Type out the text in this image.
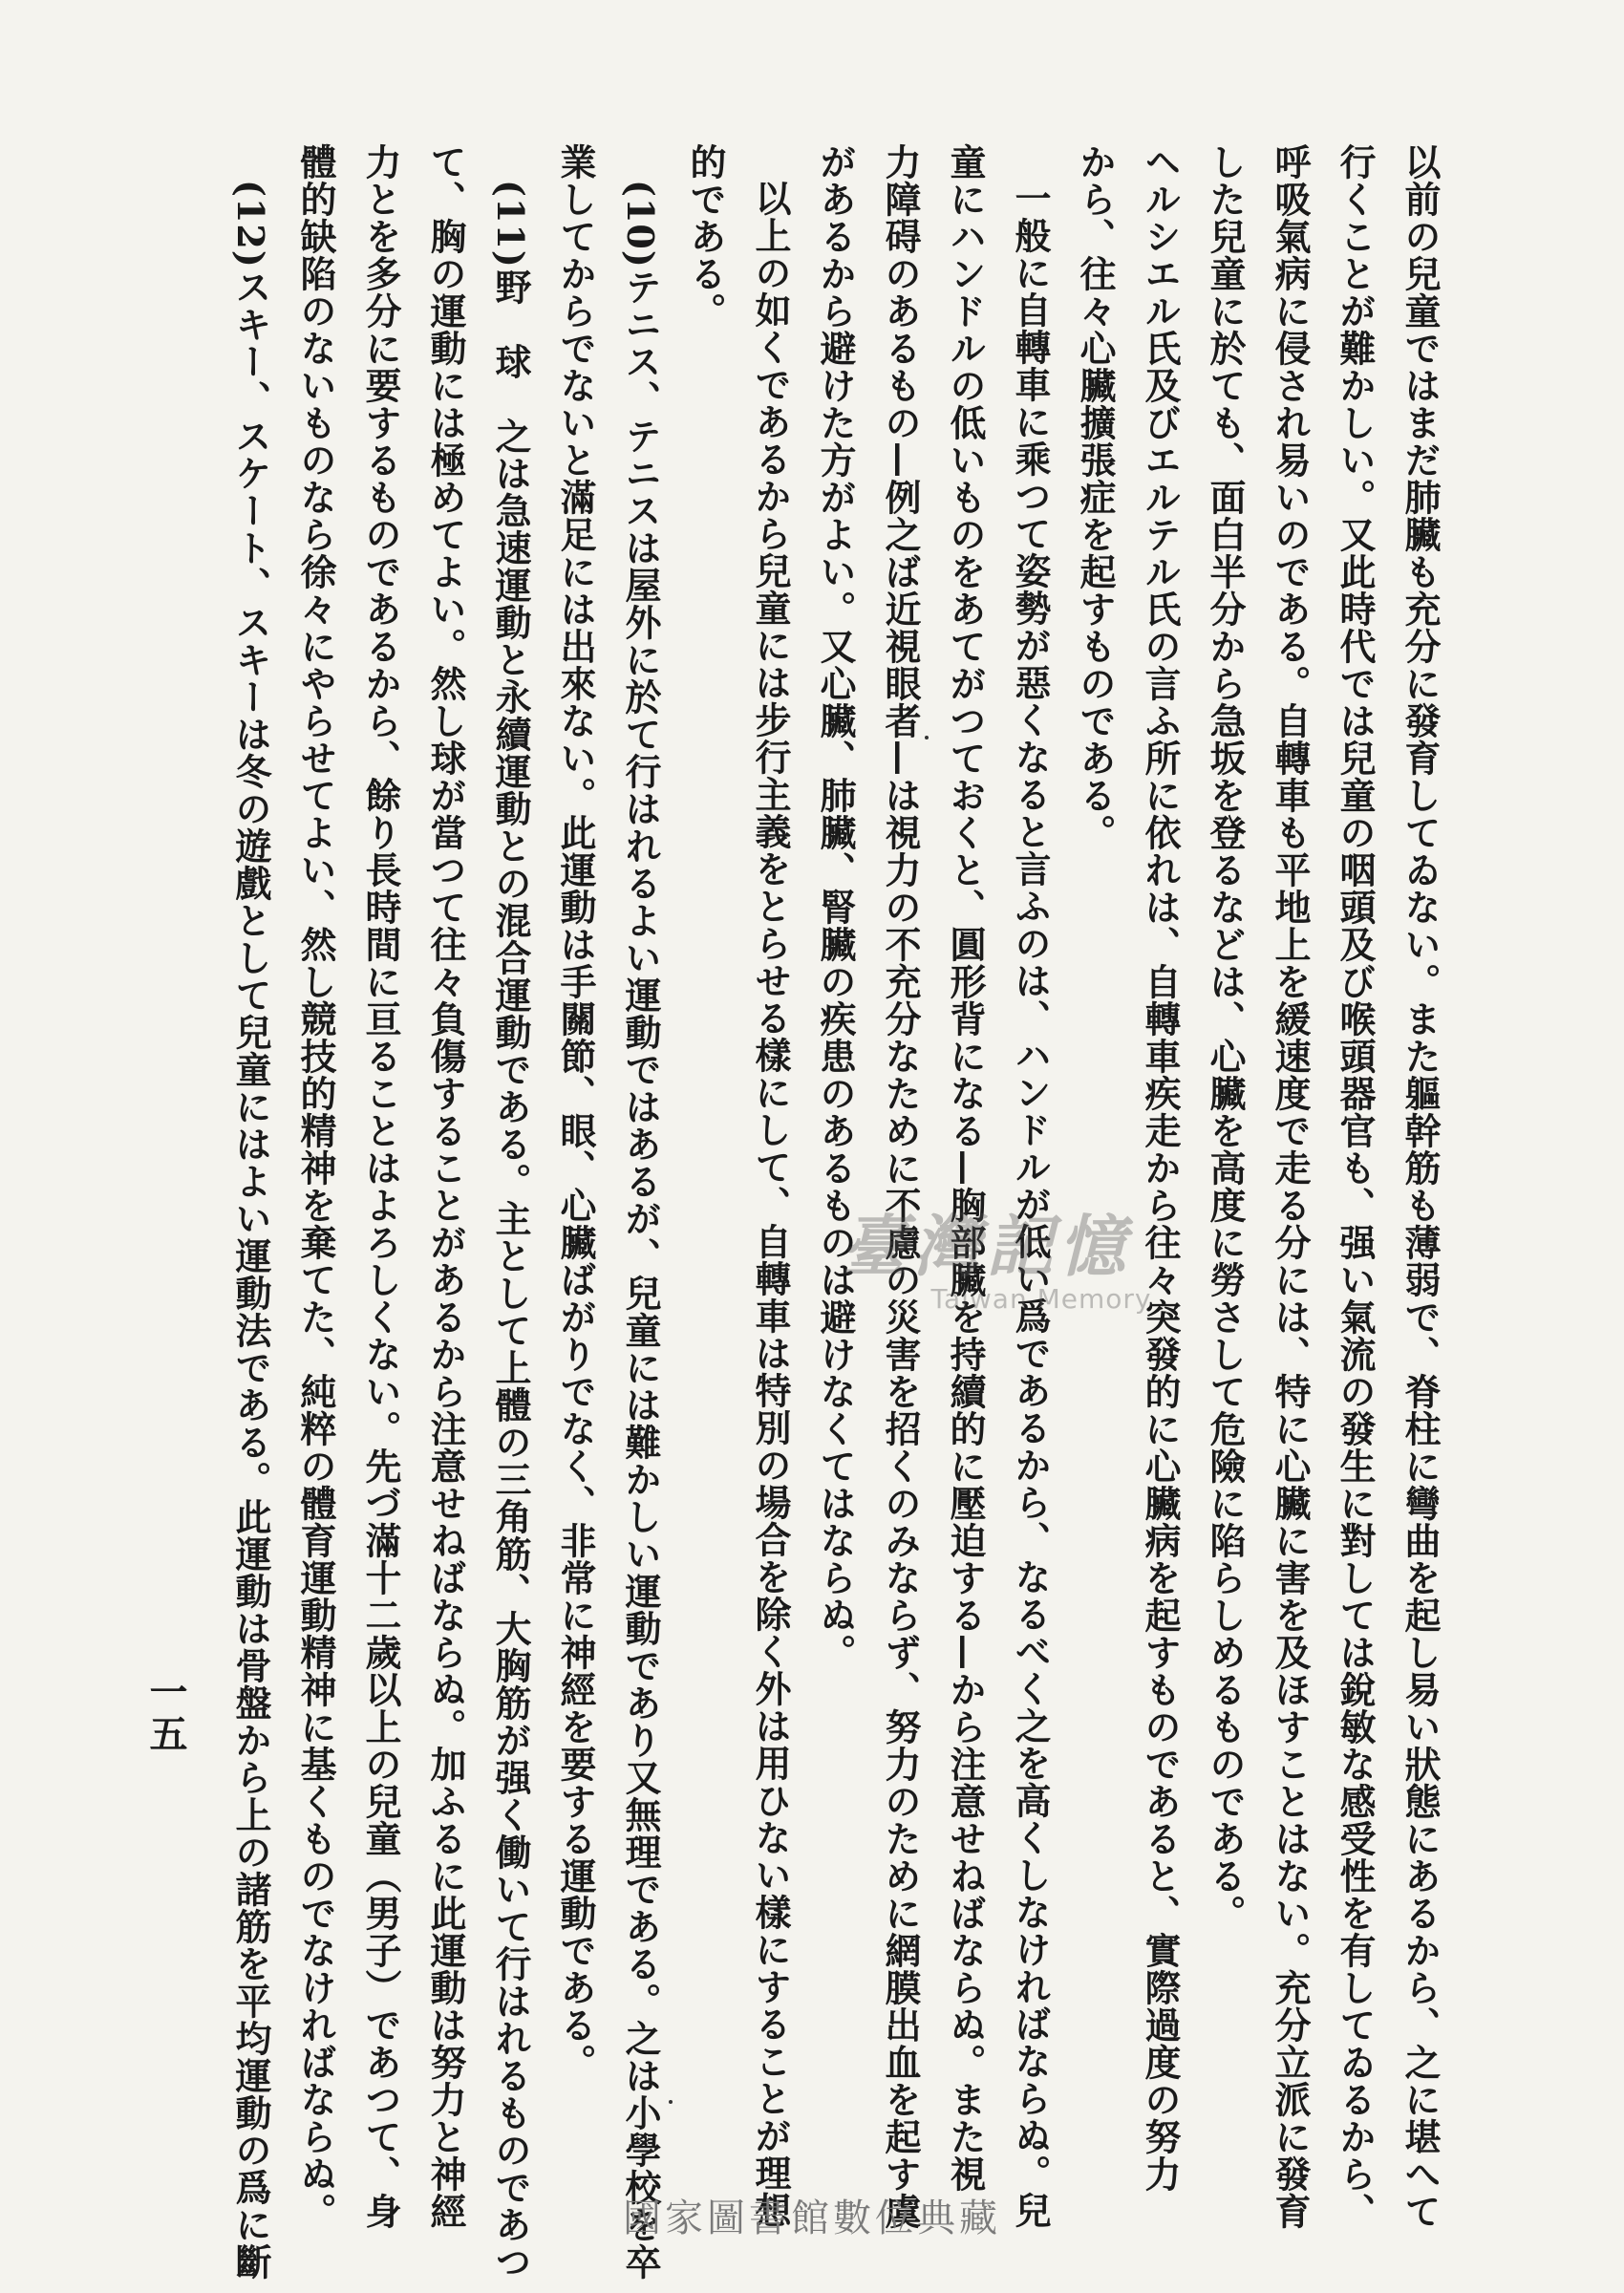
以前の兒童ではまだ肺臟も充分に發育してゐない。また軀幹筋も薄弱で、脊柱に彎曲を起し易い狀態にあるから、之に堪へて
行くことが難かしい。又此時代では兒童の咽頭及び喉頭器官も、强い氣流の發生に對しては銳敏な感受性を有してゐるから、
呼吸氣病に侵され易いのである。自轉車も平地上を緩速度で走る分には、特に心臟に害を及ほすことはない。充分立派に發育
した兒童に於ても、面白半分から急坂を登るなどは、心臟を高度に勞さして危險に陷らしめるものである。
ヘルシエル氏及びエルテル氏の言ふ所に依れは、自轉車疾走から往々突發的に心臟病を起すものであると、實際過度の努力
から、往々心臟擴張症を起すものである。
一般に自轉車に乘つて姿勢が惡くなると言ふのは、ハンドルが低い爲であるから、なるべく之を高くしなければならぬ。兒
童にハンドルの低いものをあてがつておくと、圓形背になる—胸部臟を持續的に壓迫する—から注意せねばならぬ。また視
力障碍のあるもの—例之ば近視眼者—は視力の不充分なために不慮の災害を招くのみならず、努力のために網膜出血を起す虞
があるから避けた方がよい。又心臟、肺臟、腎臟の疾患のあるものは避けなくてはならぬ。
以上の如くであるから兒童には步行主義をとらせる樣にして、自轉車は特別の場合を除く外は用ひない樣にすることが理想
的である。
(10)テニス、テニスは屋外に於て行はれるよい運動ではあるが、兒童には難かしい運動であり又無理である。之は小學校を卒
業してからでないと滿足には出來ない。此運動は手關節、眼、心臟ばがりでなく、非常に神經を要する運動である。
(11)野　球　之は急速運動と永續運動との混合運動である。主として上體の三角筋、大胸筋が强く働いて行はれるものであつ
て、胸の運動には極めてよい。然し球が當つて往々負傷することがあるから注意せねばならぬ。加ふるに此運動は努力と神經
力とを多分に要するものであるから、餘り長時間に亘ることはよろしくない。先づ滿十二歲以上の兒童（男子）であつて、身
體的缺陷のないものなら徐々にやらせてよい、然し競技的精神を棄てた、純粹の體育運動精神に基くものでなければならぬ。
(12)スキー、スケート、スキーは冬の遊戲として兒童にはよい運動法である。此運動は骨盤から上の諸筋を平均運動の爲に斷
一五
臺灣記憶
Taiwan Memory
國家圖書館數位典藏
